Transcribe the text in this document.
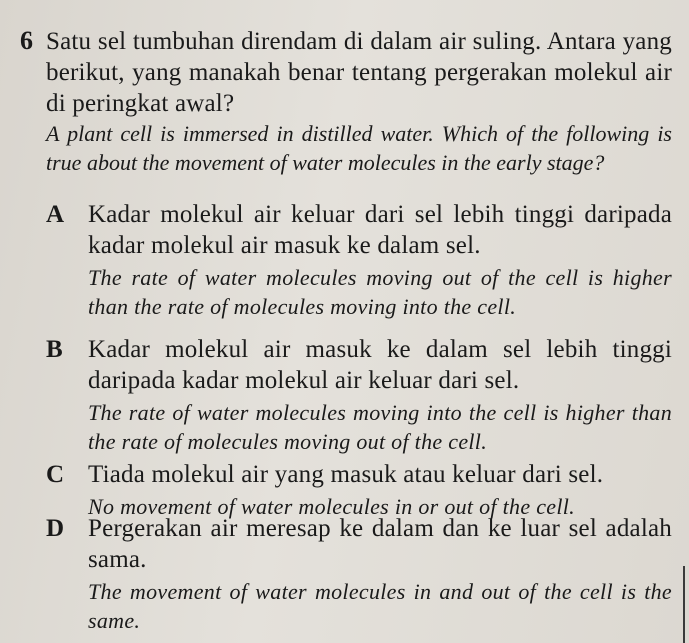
6 Satu sel tumbuhan direndam di dalam air suling. Antara yang berikut, yang manakah benar tentang pergerakan molekul air di peringkat awal?
A plant cell is immersed in distilled water. Which of the following is true about the movement of water molecules in the early stage?
A Kadar molekul air keluar dari sel lebih tinggi daripada kadar molekul air masuk ke dalam sel.
The rate of water molecules moving out of the cell is higher than the rate of molecules moving into the cell.
B Kadar molekul air masuk ke dalam sel lebih tinggi daripada kadar molekul air keluar dari sel.
The rate of water molecules moving into the cell is higher than the rate of molecules moving out of the cell.
C Tiada molekul air yang masuk atau keluar dari sel.
No movement of water molecules in or out of the cell.
D Pergerakan air meresap ke dalam dan ke luar sel adalah sama.
The movement of water molecules in and out of the cell is the same.
